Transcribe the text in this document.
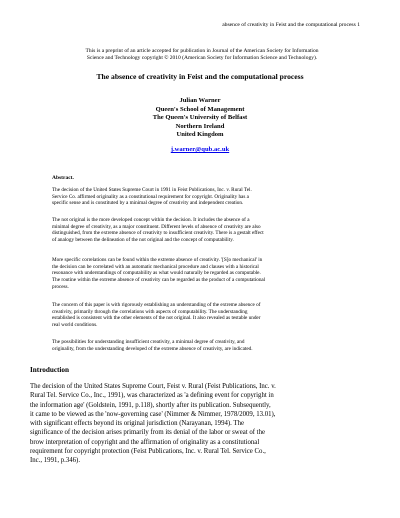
absence of creativity in Feist and the computational process 1
This is a preprint of an article accepted for publication in Journal of the American Society for Information
Science and Technology copyright © 2010 (American Society for Information Science and Technology).
The absence of creativity in Feist and the computational process
Julian Warner
Queen's School of Management
The Queen's University of Belfast
Northern Ireland
United Kingdom
j.warner@qub.ac.uk
Abstract.
The decision of the United States Supreme Court in 1991 in Feist Publications, Inc. v. Rural Tel.
Service Co. affirmed originality as a constitutional requirement for copyright. Originality has a
specific sense and is constituted by a minimal degree of creativity and independent creation.
The not original is the more developed concept within the decision. It includes the absence of a
minimal degree of creativity, as a major constituent. Different levels of absence of creativity are also
distinguished, from the extreme absence of creativity to insufficient creativity. There is a gestalt effect
of analogy between the delineation of the not original and the concept of computability.
More specific correlations can be found within the extreme absence of creativity. '[S]o mechanical' in
the decision can be correlated with an automatic mechanical procedure and clauses with a historical
resonance with understandings of computability as what would naturally be regarded as computable.
The routine within the extreme absence of creativity can be regarded as the product of a computational
process.
The concern of this paper is with rigorously establishing an understanding of the extreme absence of
creativity, primarily through the correlations with aspects of computability. The understanding
established is consistent with the other elements of the not original. It also revealed as testable under
real world conditions.
The possibilities for understanding insufficient creativity, a minimal degree of creativity, and
originality, from the understanding developed of the extreme absence of creativity, are indicated.
Introduction
The decision of the United States Supreme Court, Feist v. Rural (Feist Publications, Inc. v.
Rural Tel. Service Co., Inc., 1991), was characterized as 'a defining event for copyright in
the information age' (Goldstein, 1991, p.118), shortly after its publication. Subsequently,
it came to be viewed as the 'now-governing case' (Nimmer & Nimmer, 1978/2009, 13.01),
with significant effects beyond its original jurisdiction (Narayanan, 1994). The
significance of the decision arises primarily from its denial of the labor or sweat of the
brow interpretation of copyright and the affirmation of originality as a constitutional
requirement for copyright protection (Feist Publications, Inc. v. Rural Tel. Service Co.,
Inc., 1991, p.346).
